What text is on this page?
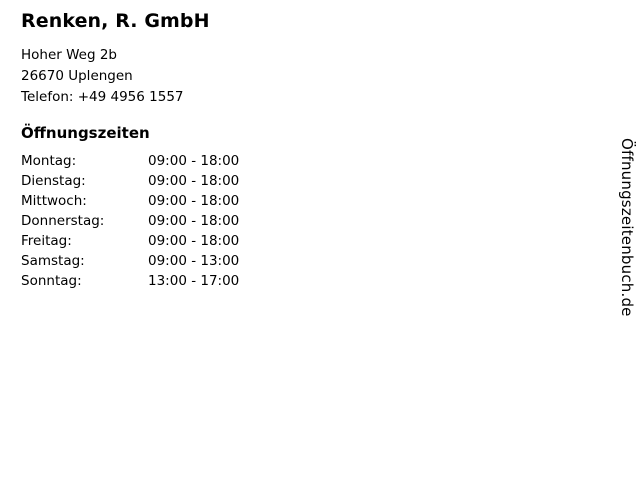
Renken, R. GmbH
Hoher Weg 2b
26670 Uplengen
Telefon: +49 4956 1557
Öffnungszeiten
Montag:	09:00 - 18:00
Dienstag:	09:00 - 18:00
Mittwoch:	09:00 - 18:00
Donnerstag:	09:00 - 18:00
Freitag:	09:00 - 18:00
Samstag:	09:00 - 13:00
Sonntag:	13:00 - 17:00	Öffnungszeitenbuch.de
